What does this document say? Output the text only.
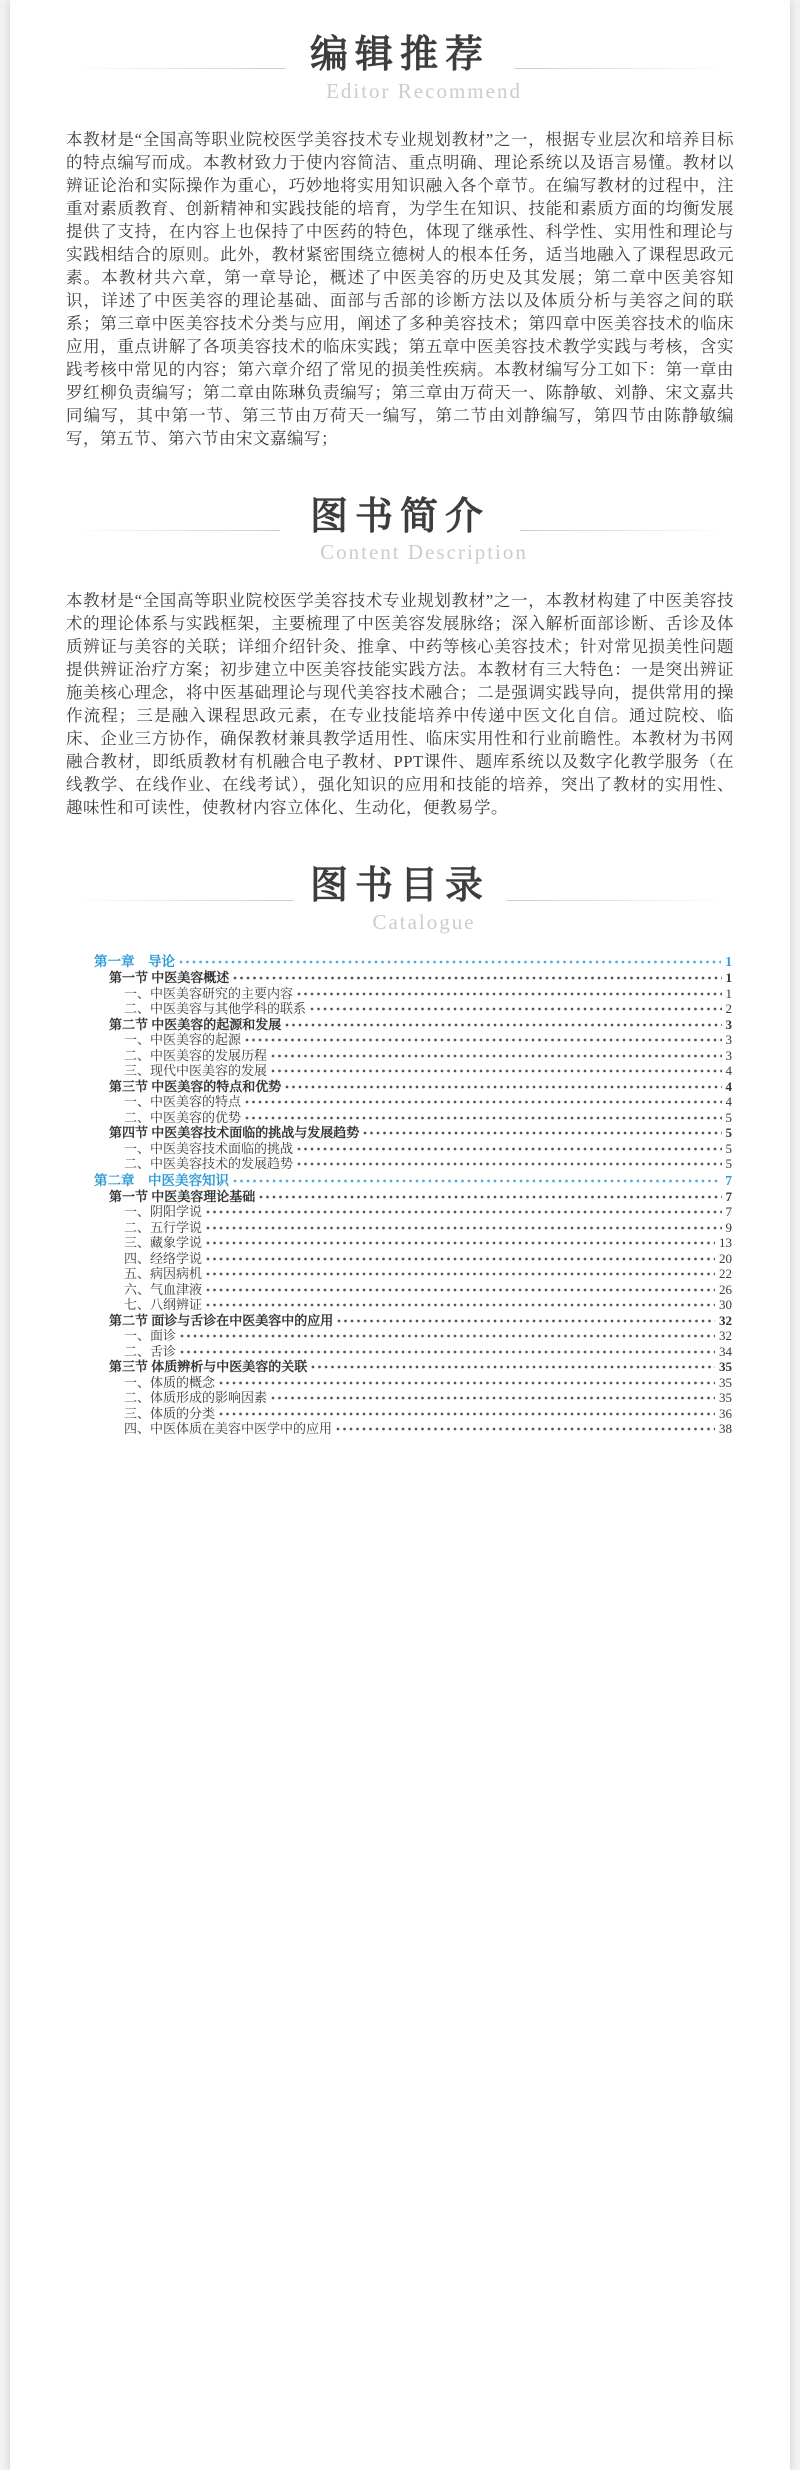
编辑推荐
Editor Recommend

本教材是“全国高等职业院校医学美容技术专业规划教材”之一，根据专业层次和培养目标的特点编写而成。本教材致力于使内容简洁、重点明确、理论系统以及语言易懂。教材以辨证论治和实际操作为重心，巧妙地将实用知识融入各个章节。在编写教材的过程中，注重对素质教育、创新精神和实践技能的培育，为学生在知识、技能和素质方面的均衡发展提供了支持，在内容上也保持了中医药的特色，体现了继承性、科学性、实用性和理论与实践相结合的原则。此外，教材紧密围绕立德树人的根本任务，适当地融入了课程思政元素。本教材共六章，第一章导论，概述了中医美容的历史及其发展；第二章中医美容知识，详述了中医美容的理论基础、面部与舌部的诊断方法以及体质分析与美容之间的联系；第三章中医美容技术分类与应用，阐述了多种美容技术；第四章中医美容技术的临床应用，重点讲解了各项美容技术的临床实践；第五章中医美容技术教学实践与考核，含实践考核中常见的内容；第六章介绍了常见的损美性疾病。本教材编写分工如下：第一章由罗红柳负责编写；第二章由陈琳负责编写；第三章由万荷天一、陈静敏、刘静、宋文嘉共同编写，其中第一节、第三节由万荷天一编写，第二节由刘静编写，第四节由陈静敏编写，第五节、第六节由宋文嘉编写；

图书简介
Content Description

本教材是“全国高等职业院校医学美容技术专业规划教材”之一，本教材构建了中医美容技术的理论体系与实践框架，主要梳理了中医美容发展脉络；深入解析面部诊断、舌诊及体质辨证与美容的关联；详细介绍针灸、推拿、中药等核心美容技术；针对常见损美性问题提供辨证治疗方案；初步建立中医美容技能实践方法。本教材有三大特色：一是突出辨证施美核心理念，将中医基础理论与现代美容技术融合；二是强调实践导向，提供常用的操作流程；三是融入课程思政元素，在专业技能培养中传递中医文化自信。通过院校、临床、企业三方协作，确保教材兼具教学适用性、临床实用性和行业前瞻性。本教材为书网融合教材，即纸质教材有机融合电子教材、PPT课件、题库系统以及数字化教学服务（在线教学、在线作业、在线考试），强化知识的应用和技能的培养，突出了教材的实用性、趣味性和可读性，使教材内容立体化、生动化，便教易学。

图书目录
Catalogue
第一章　导论	1
第一节 中医美容概述	1
一、中医美容研究的主要内容	1
二、中医美容与其他学科的联系	2
第二节 中医美容的起源和发展	3
一、中医美容的起源	3
二、中医美容的发展历程	3
三、现代中医美容的发展	4
第三节 中医美容的特点和优势	4
一、中医美容的特点	4
二、中医美容的优势	5
第四节 中医美容技术面临的挑战与发展趋势	5
一、中医美容技术面临的挑战	5
二、中医美容技术的发展趋势	5
第二章　中医美容知识	7
第一节 中医美容理论基础	7
一、阴阳学说	7
二、五行学说	9
三、藏象学说	13
四、经络学说	20
五、病因病机	22
六、气血津液	26
七、八纲辨证	30
第二节 面诊与舌诊在中医美容中的应用	32
一、面诊	32
二、舌诊	34
第三节 体质辨析与中医美容的关联	35
一、体质的概念	35
二、体质形成的影响因素	35
三、体质的分类	36
四、中医体质在美容中医学中的应用	38
